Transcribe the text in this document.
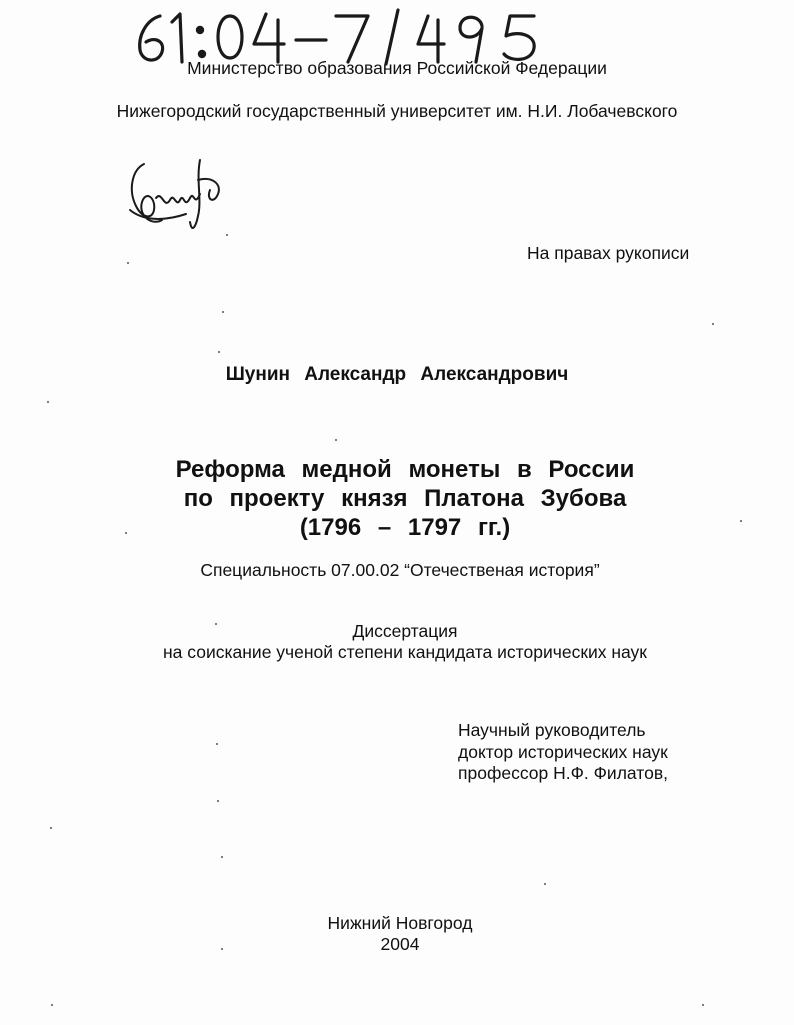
Министерство образования Российской Федерации
Нижегородский государственный университет им. Н.И. Лобачевского
На правах рукописи
Шунин Александр Александрович
Реформа медной монеты в России
по проекту князя Платона Зубова
(1796 – 1797 гг.)
Специальность 07.00.02 “Отечественая история”
Диссертация
на соискание ученой степени кандидата исторических наук
Научный руководитель
доктор исторических наук
профессор Н.Ф. Филатов,
Нижний Новгород
2004
